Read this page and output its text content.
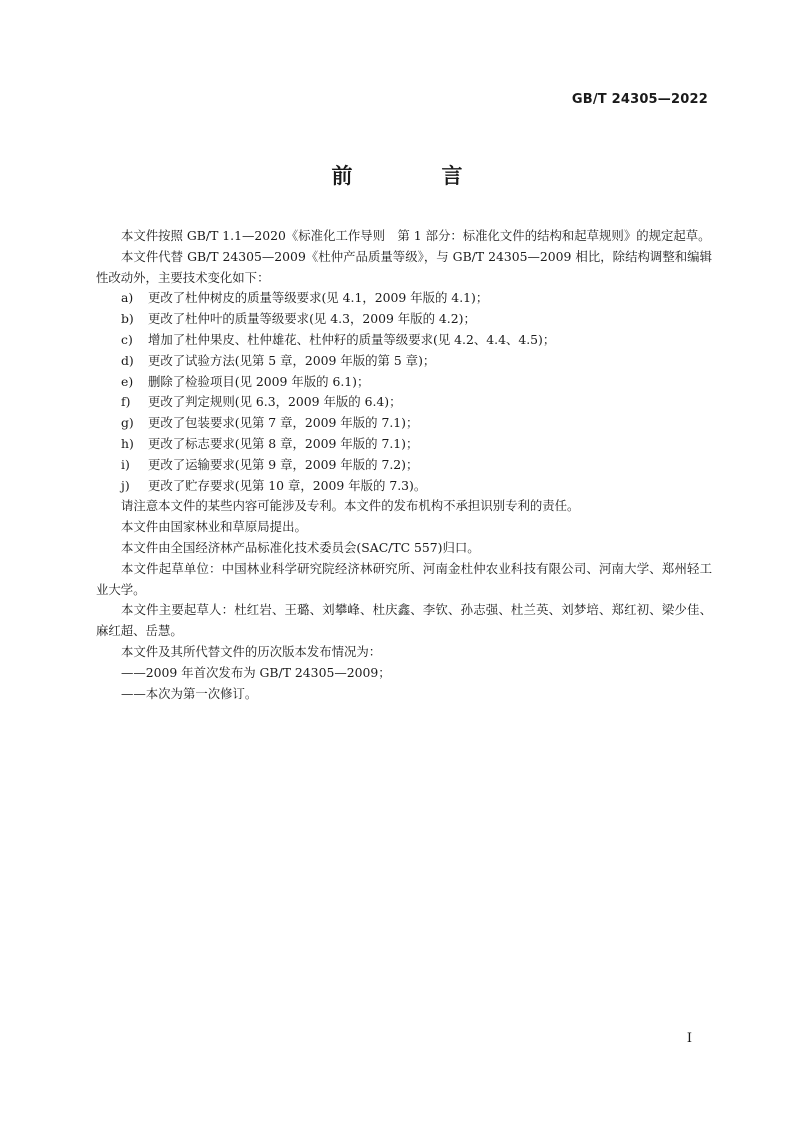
GB/T 24305—2022
前　言

本文件按照 GB/T 1.1—2020《标准化工作导则　第 1 部分：标准化文件的结构和起草规则》的规定起草。

本文件代替 GB/T 24305—2009《杜仲产品质量等级》，与 GB/T 24305—2009 相比，除结构调整和编辑性改动外，主要技术变化如下：

a)	更改了杜仲树皮的质量等级要求(见 4.1，2009 年版的 4.1)；
b)	更改了杜仲叶的质量等级要求(见 4.3，2009 年版的 4.2)；
c)	增加了杜仲果皮、杜仲雄花、杜仲籽的质量等级要求(见 4.2、4.4、4.5)；
d)	更改了试验方法(见第 5 章，2009 年版的第 5 章)；
e)	删除了检验项目(见 2009 年版的 6.1)；
f)	更改了判定规则(见 6.3，2009 年版的 6.4)；
g)	更改了包装要求(见第 7 章，2009 年版的 7.1)；
h)	更改了标志要求(见第 8 章，2009 年版的 7.1)；
i)	更改了运输要求(见第 9 章，2009 年版的 7.2)；
j)	更改了贮存要求(见第 10 章，2009 年版的 7.3)。

请注意本文件的某些内容可能涉及专利。本文件的发布机构不承担识别专利的责任。

本文件由国家林业和草原局提出。

本文件由全国经济林产品标准化技术委员会(SAC/TC 557)归口。

本文件起草单位：中国林业科学研究院经济林研究所、河南金杜仲农业科技有限公司、河南大学、郑州轻工业大学。

本文件主要起草人：杜红岩、王璐、刘攀峰、杜庆鑫、李钦、孙志强、杜兰英、刘梦培、郑红初、梁少佳、麻红超、岳慧。

本文件及其所代替文件的历次版本发布情况为：

——2009 年首次发布为 GB/T 24305—2009；

——本次为第一次修订。

I
